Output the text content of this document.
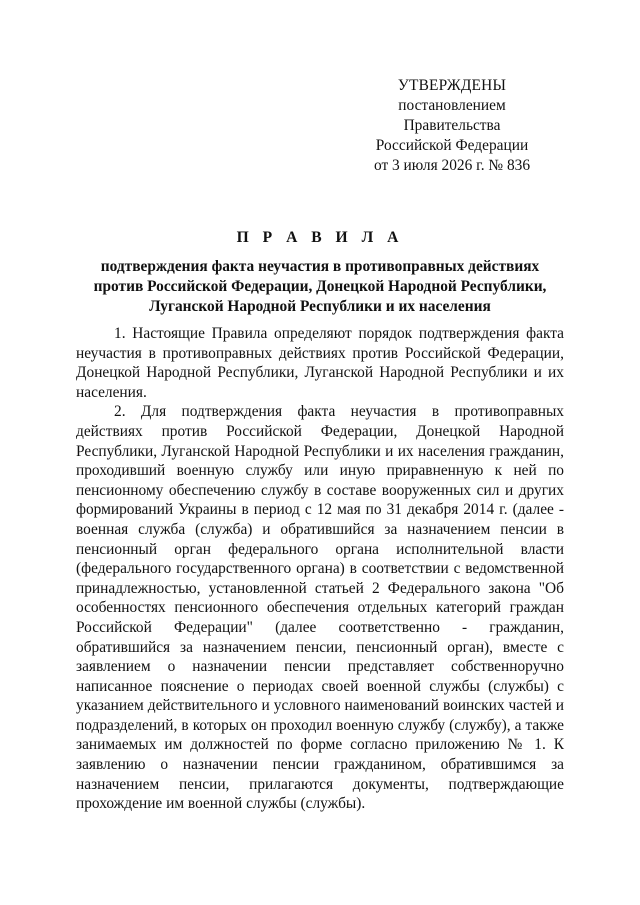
УТВЕРЖДЕНЫ
постановлением Правительства
Российской Федерации
от 3 июля 2026 г. № 836
П Р А В И Л А
подтверждения факта неучастия в противоправных действиях
против Российской Федерации, Донецкой Народной Республики,
Луганской Народной Республики и их населения

1. Настоящие Правила определяют порядок подтверждения факта неучастия в противоправных действиях против Российской Федерации, Донецкой Народной Республики, Луганской Народной Республики и их населения.

2. Для подтверждения факта неучастия в противоправных действиях против Российской Федерации, Донецкой Народной Республики, Луганской Народной Республики и их населения гражданин, проходивший военную службу или иную приравненную к ней по пенсионному обеспечению службу в составе вооруженных сил и других формирований Украины в период с 12 мая по 31 декабря 2014 г. (далее - военная служба (служба) и обратившийся за назначением пенсии в пенсионный орган федерального органа исполнительной власти (федерального государственного органа) в соответствии с ведомственной принадлежностью, установленной статьей 2 Федерального закона "Об особенностях пенсионного обеспечения отдельных категорий граждан Российской Федерации" (далее соответственно - гражданин, обратившийся за назначением пенсии, пенсионный орган), вместе с заявлением о назначении пенсии представляет собственноручно написанное пояснение о периодах своей военной службы (службы) с указанием действительного и условного наименований воинских частей и подразделений, в которых он проходил военную службу (службу), а также занимаемых им должностей по форме согласно приложению № 1. К заявлению о назначении пенсии гражданином, обратившимся за назначением пенсии, прилагаются документы, подтверждающие прохождение им военной службы (службы).
